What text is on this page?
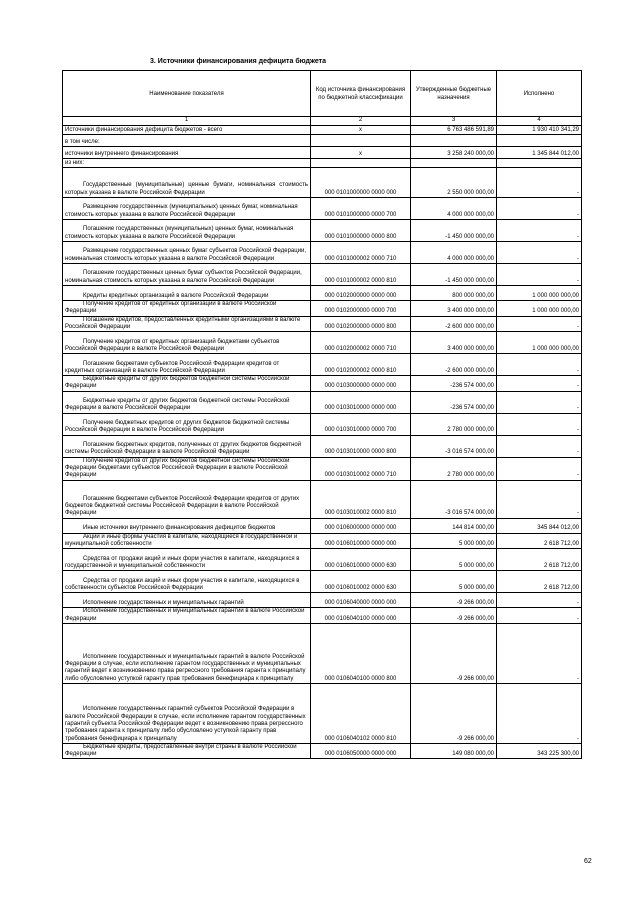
3. Источники финансирования дефицита бюджета
Наименование показателя	Код источника финансирования по бюджетной классификации	Утвержденные бюджетные назначения	Исполнено
1	2	3	4
Источники финансирования дефицита бюджетов - всего	x	6 763 486 591,89	1 930 410 341,29
в том числе:			
источники внутреннего финансирования	x	3 258 240 000,00	1 345 844 012,00
из них:			
Государственные (муниципальные) ценные бумаги, номинальная стоимость которых указана в валюте Российской Федерации	000 0101000000 0000 000	2 550 000 000,00	-
Размещение государственных (муниципальных) ценных бумаг, номинальная стоимость которых указана в валюте Российской Федерации	000 0101000000 0000 700	4 000 000 000,00	-
Погашение государственных (муниципальных) ценных бумаг, номинальная стоимость которых указана в валюте Российской Федерации	000 0101000000 0000 800	-1 450 000 000,00	-
Размещение государственных ценных бумаг субъектов Российской Федерации, номинальная стоимость которых указана в валюте Российской Федерации	000 0101000002 0000 710	4 000 000 000,00	-
Погашение государственных ценных бумаг субъектов Российской Федерации, номинальная стоимость которых указана в валюте Российской Федерации	000 0101000002 0000 810	-1 450 000 000,00	-
Кредиты кредитных организаций в валюте Российской Федерации	000 0102000000 0000 000	800 000 000,00	1 000 000 000,00
Получение кредитов от кредитных организаций в валюте Российской Федерации	000 0102000000 0000 700	3 400 000 000,00	1 000 000 000,00
Погашение кредитов, предоставленных кредитными организациями в валюте Российской Федерации	000 0102000000 0000 800	-2 600 000 000,00	-
Получение кредитов от кредитных организаций бюджетами субъектов Российской Федерации в валюте Российской Федерации	000 0102000002 0000 710	3 400 000 000,00	1 000 000 000,00
Погашение бюджетами субъектов Российской Федерации кредитов от кредитных организаций в валюте Российской Федерации	000 0102000002 0000 810	-2 600 000 000,00	-
Бюджетные кредиты от других бюджетов бюджетной системы Российской Федерации	000 0103000000 0000 000	-236 574 000,00	-
Бюджетные кредиты от других бюджетов бюджетной системы Российской Федерации в валюте Российской Федерации	000 0103010000 0000 000	-236 574 000,00	-
Получение бюджетных кредитов от других бюджетов бюджетной системы Российской Федерации в валюте Российской Федерации	000 0103010000 0000 700	2 780 000 000,00	-
Погашение бюджетных кредитов, полученных от других бюджетов бюджетной системы Российской Федерации в валюте Российской Федерации	000 0103010000 0000 800	-3 016 574 000,00	-
Получение кредитов от других бюджетов бюджетной системы Российской Федерации бюджетами субъектов Российской Федерации в валюте Российской Федерации	000 0103010002 0000 710	2 780 000 000,00	-
Погашение бюджетами субъектов Российской Федерации кредитов от других бюджетов бюджетной системы Российской Федерации в валюте Российской Федерации	000 0103010002 0000 810	-3 016 574 000,00	-
Иные источники внутреннего финансирования дефицитов бюджетов	000 0106000000 0000 000	144 814 000,00	345 844 012,00
Акции и иные формы участия в капитале, находящиеся в государственной и муниципальной собственности	000 0106010000 0000 000	5 000 000,00	2 618 712,00
Средства от продажи акций и иных форм участия в капитале, находящихся в государственной и муниципальной собственности	000 0106010000 0000 630	5 000 000,00	2 618 712,00
Средства от продажи акций и иных форм участия в капитале, находящихся в собственности субъектов Российской Федерации	000 0106010002 0000 630	5 000 000,00	2 618 712,00
Исполнение государственных и муниципальных гарантий	000 0106040000 0000 000	-9 266 000,00	-
Исполнение государственных и муниципальных гарантий в валюте Российской Федерации	000 0106040100 0000 000	-9 266 000,00	-
Исполнение государственных и муниципальных гарантий в валюте Российской Федерации в случае, если исполнение гарантом государственных и муниципальных гарантий ведет к возникновению права регрессного требования гаранта к принципалу либо обусловлено уступкой гаранту прав требования бенефициара к принципалу	000 0106040100 0000 800	-9 266 000,00	-
Исполнение государственных гарантий субъектов Российской Федерации в валюте Российской Федерации в случае, если исполнение гарантом государственных гарантий субъекта Российской Федерации ведет к возникновению права регрессного требования гаранта к принципалу либо обусловлено уступкой гаранту прав требования бенефициара к принципалу	000 0106040102 0000 810	-9 266 000,00	-
Бюджетные кредиты, предоставленные внутри страны в валюте Российской Федерации	000 0106050000 0000 000	149 080 000,00	343 225 300,00
62
